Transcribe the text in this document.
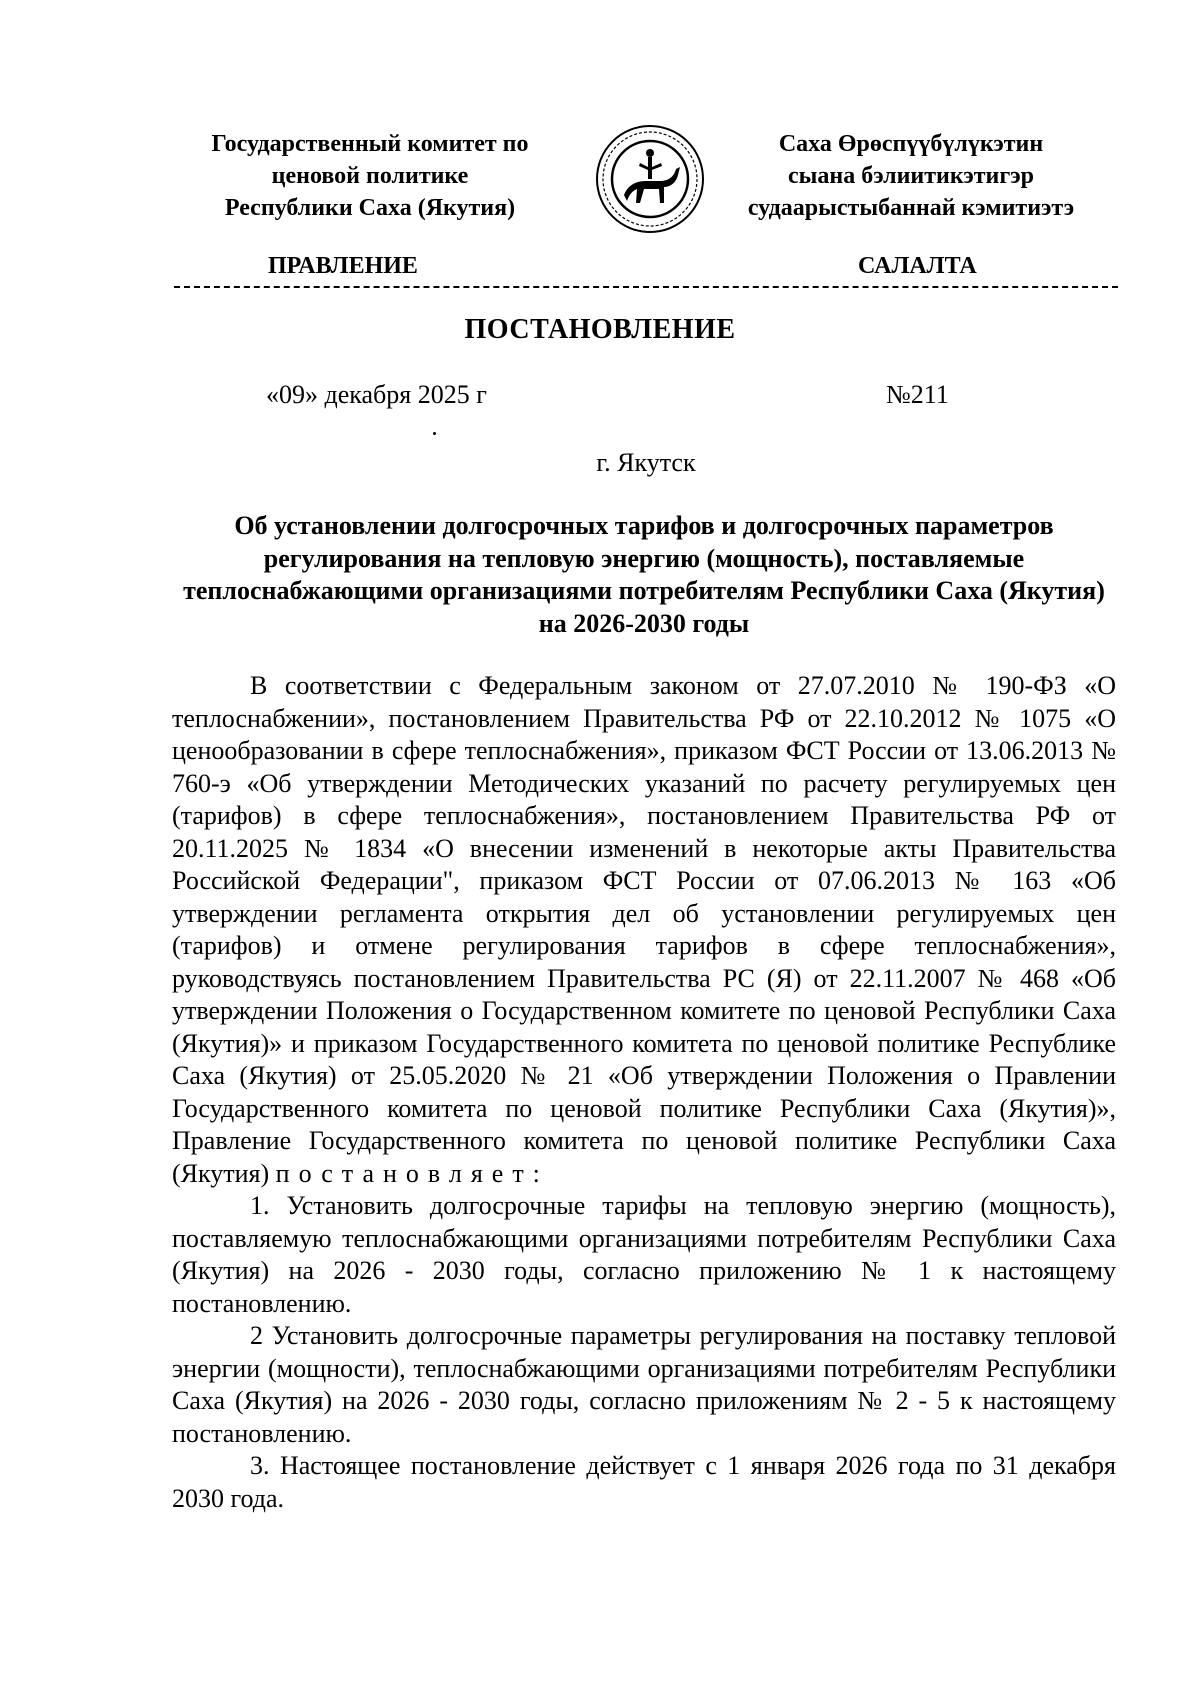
Государственный комитет по
ценовой политике
Республики Саха (Якутия)
Саха Өрөспүүбүлүкэтин
сыана бэлиитикэтигэр
судаарыстыбаннай кэмитиэтэ
ПРАВЛЕНИЕ	САЛАЛТА
ПОСТАНОВЛЕНИЕ
«09» декабря 2025 г	№211
г. Якутск
Об установлении долгосрочных тарифов и долгосрочных параметров регулирования на тепловую энергию (мощность), поставляемые теплоснабжающими организациями потребителям Республики Саха (Якутия) на 2026-2030 годы

В соответствии с Федеральным законом от 27.07.2010 № 190-ФЗ «О теплоснабжении», постановлением Правительства РФ от 22.10.2012 № 1075 «О ценообразовании в сфере теплоснабжения», приказом ФСТ России от 13.06.2013 № 760-э «Об утверждении Методических указаний по расчету регулируемых цен (тарифов) в сфере теплоснабжения», постановлением Правительства РФ от 20.11.2025 № 1834 «О внесении изменений в некоторые акты Правительства Российской Федерации", приказом ФСТ России от 07.06.2013 № 163 «Об утверждении регламента открытия дел об установлении регулируемых цен (тарифов) и отмене регулирования тарифов в сфере теплоснабжения», руководствуясь постановлением Правительства РС (Я) от 22.11.2007 № 468 «Об утверждении Положения о Государственном комитете по ценовой Республики Саха (Якутия)» и приказом Государственного комитета по ценовой политике Республике Саха (Якутия) от 25.05.2020 № 21 «Об утверждении Положения о Правлении Государственного комитета по ценовой политике Республики Саха (Якутия)», Правление Государственного комитета по ценовой политике Республики Саха (Якутия) постановляет:

1. Установить долгосрочные тарифы на тепловую энергию (мощность), поставляемую теплоснабжающими организациями потребителям Республики Саха (Якутия) на 2026 - 2030 годы, согласно приложению № 1 к настоящему постановлению.

2 Установить долгосрочные параметры регулирования на поставку тепловой энергии (мощности), теплоснабжающими организациями потребителям Республики Саха (Якутия) на 2026 - 2030 годы, согласно приложениям № 2 - 5 к настоящему постановлению.

3. Настоящее постановление действует с 1 января 2026 года по 31 декабря 2030 года.
